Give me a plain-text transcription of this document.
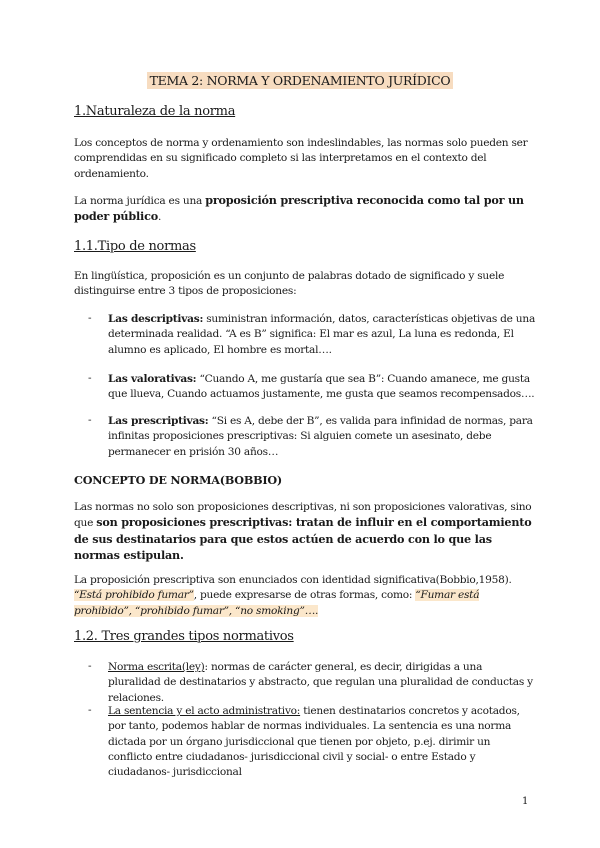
TEMA 2: NORMA Y ORDENAMIENTO JURÍDICO
1.Naturaleza de la norma
Los conceptos de norma y ordenamiento son indeslindables, las normas solo pueden ser comprendidas en su significado completo si las interpretamos en el contexto del ordenamiento.
La norma jurídica es una proposición prescriptiva reconocida como tal por un poder público.
1.1.Tipo de normas
En lingüística, proposición es un conjunto de palabras dotado de significado y suele distinguirse entre 3 tipos de proposiciones:
- Las descriptivas: suministran información, datos, características objetivas de una determinada realidad. “A es B” significa: El mar es azul, La luna es redonda, El alumno es aplicado, El hombre es mortal….
- Las valorativas: “Cuando A, me gustaría que sea B”: Cuando amanece, me gusta que llueva, Cuando actuamos justamente, me gusta que seamos recompensados….
- Las prescriptivas: “Si es A, debe der B”, es valida para infinidad de normas, para infinitas proposiciones prescriptivas: Si alguien comete un asesinato, debe permanecer en prisión 30 años…
CONCEPTO DE NORMA(BOBBIO)
Las normas no solo son proposiciones descriptivas, ni son proposiciones valorativas, sino que son proposiciones prescriptivas: tratan de influir en el comportamiento de sus destinatarios para que estos actúen de acuerdo con lo que las normas estipulan.
La proposición prescriptiva son enunciados con identidad significativa(Bobbio,1958). “Está prohibido fumar”, puede expresarse de otras formas, como: “Fumar está prohibido”, “prohibido fumar”, “no smoking”….
1.2. Tres grandes tipos normativos
- Norma escrita(ley): normas de carácter general, es decir, dirigidas a una pluralidad de destinatarios y abstracto, que regulan una pluralidad de conductas y relaciones.
- La sentencia y el acto administrativo: tienen destinatarios concretos y acotados, por tanto, podemos hablar de normas individuales. La sentencia es una norma dictada por un órgano jurisdiccional que tienen por objeto, p.ej. dirimir un conflicto entre ciudadanos- jurisdiccional civil y social- o entre Estado y ciudadanos- jurisdiccional
1
